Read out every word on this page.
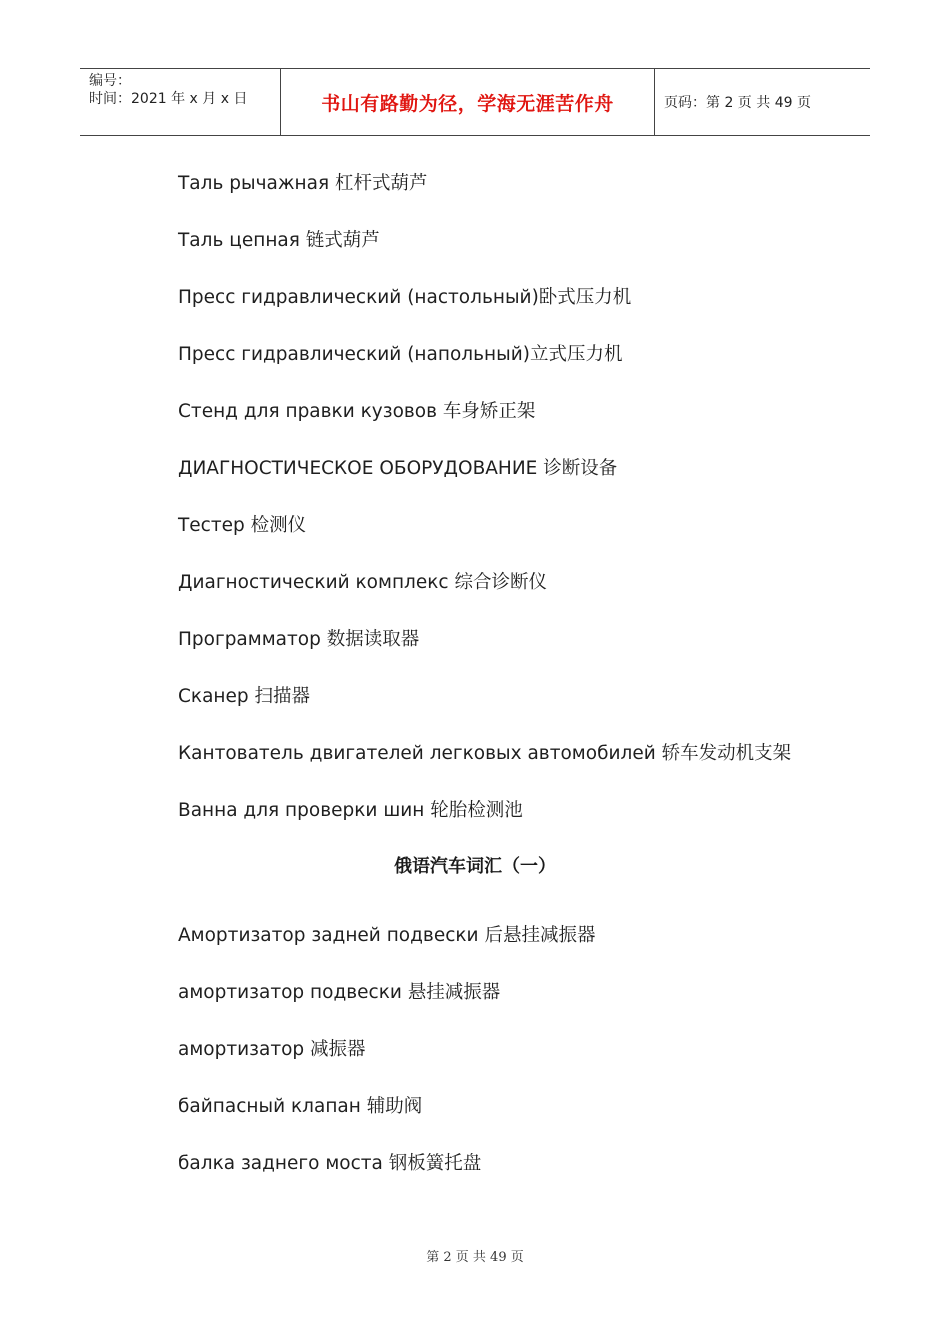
编号：
时间：2021 年 x 月 x 日	书山有路勤为径，学海无涯苦作舟	页码：第 2 页 共 49 页
Таль рычажная 杠杆式葫芦
Таль цепная 链式葫芦
Пресс гидравлический (настольный)卧式压力机
Пресс гидравлический (напольный)立式压力机
Стенд для правки кузовов 车身矫正架
ДИАГНОСТИЧЕСКОЕ ОБОРУДОВАНИЕ 诊断设备
Тестер 检测仪
Диагностический комплекс 综合诊断仪
Программатор 数据读取器
Сканер 扫描器
Кантователь двигателей легковых автомобилей 轿车发动机支架
Ванна для проверки шин 轮胎检测池
Амортизатор задней подвески 后悬挂减振器
амортизатор подвески 悬挂减振器
амортизатор 减振器
байпасный клапан 辅助阀
балка заднего моста 钢板簧托盘
俄语汽车词汇（一）
第 2 页 共 49 页
